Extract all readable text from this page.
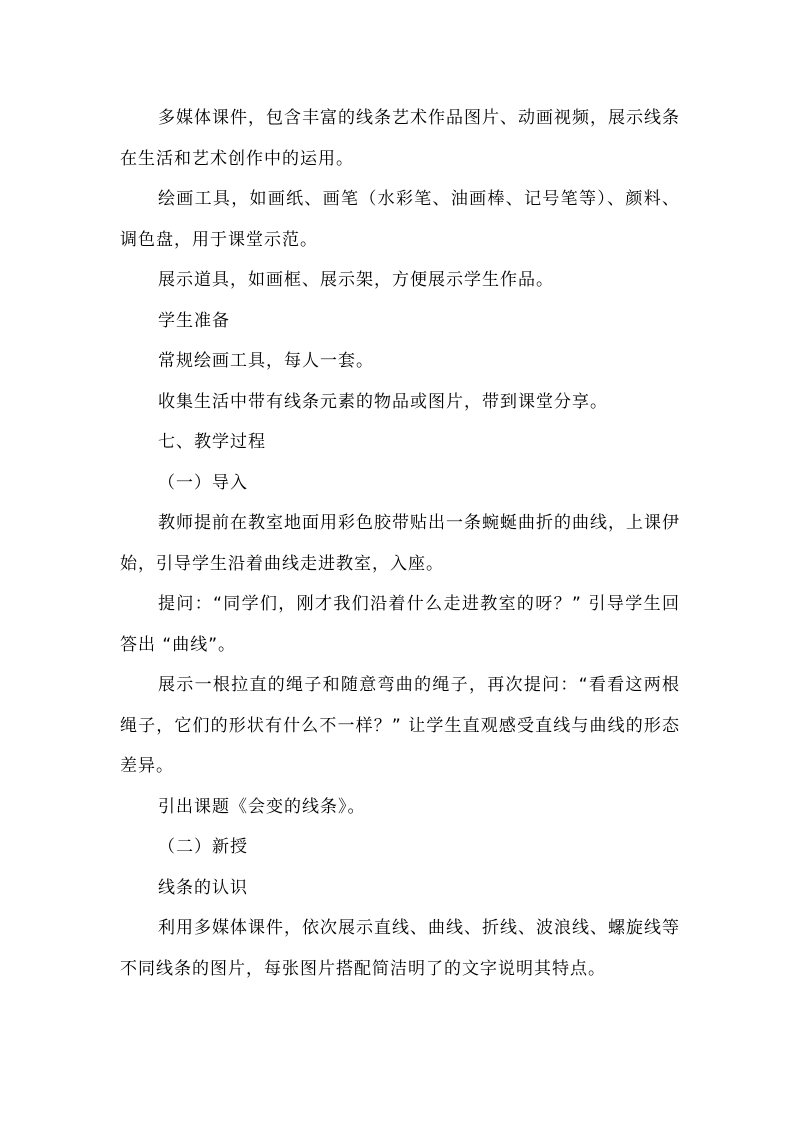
多媒体课件，包含丰富的线条艺术作品图片、动画视频，展示线条在生活和艺术创作中的运用。

绘画工具，如画纸、画笔（水彩笔、油画棒、记号笔等）、颜料、调色盘，用于课堂示范。

展示道具，如画框、展示架，方便展示学生作品。

学生准备

常规绘画工具，每人一套。

收集生活中带有线条元素的物品或图片，带到课堂分享。

七、教学过程

（一）导入

教师提前在教室地面用彩色胶带贴出一条蜿蜒曲折的曲线，上课伊始，引导学生沿着曲线走进教室，入座。

提问：“同学们，刚才我们沿着什么走进教室的呀？” 引导学生回答出 “曲线”。

展示一根拉直的绳子和随意弯曲的绳子，再次提问：“看看这两根绳子，它们的形状有什么不一样？” 让学生直观感受直线与曲线的形态差异。

引出课题《会变的线条》。

（二）新授

线条的认识

利用多媒体课件，依次展示直线、曲线、折线、波浪线、螺旋线等不同线条的图片，每张图片搭配简洁明了的文字说明其特点。
